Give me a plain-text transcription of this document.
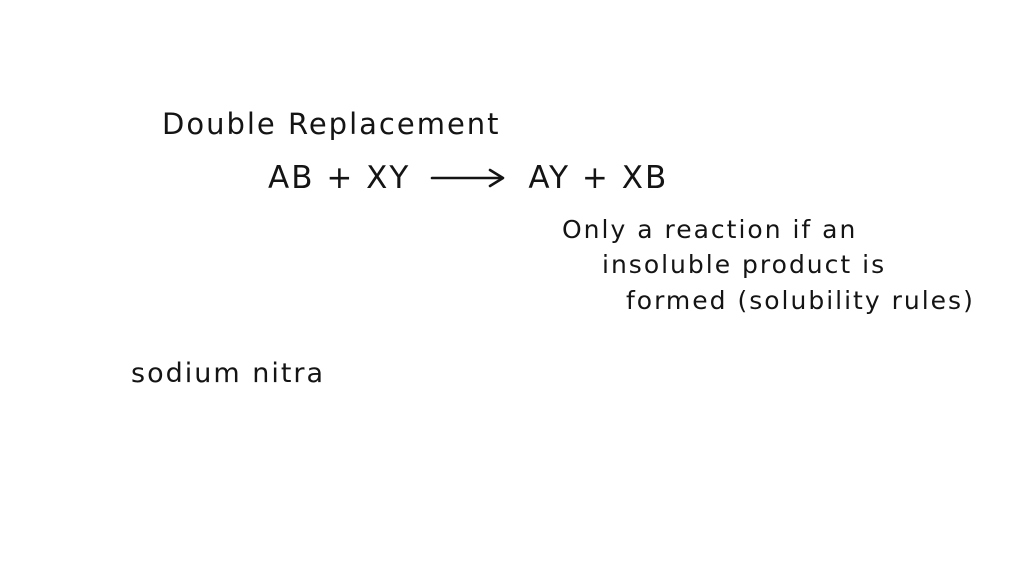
Double Replacement
AB + XY	AY + XB
Only a reaction if an
insoluble product is
formed (solubility rules)
sodium nitra
